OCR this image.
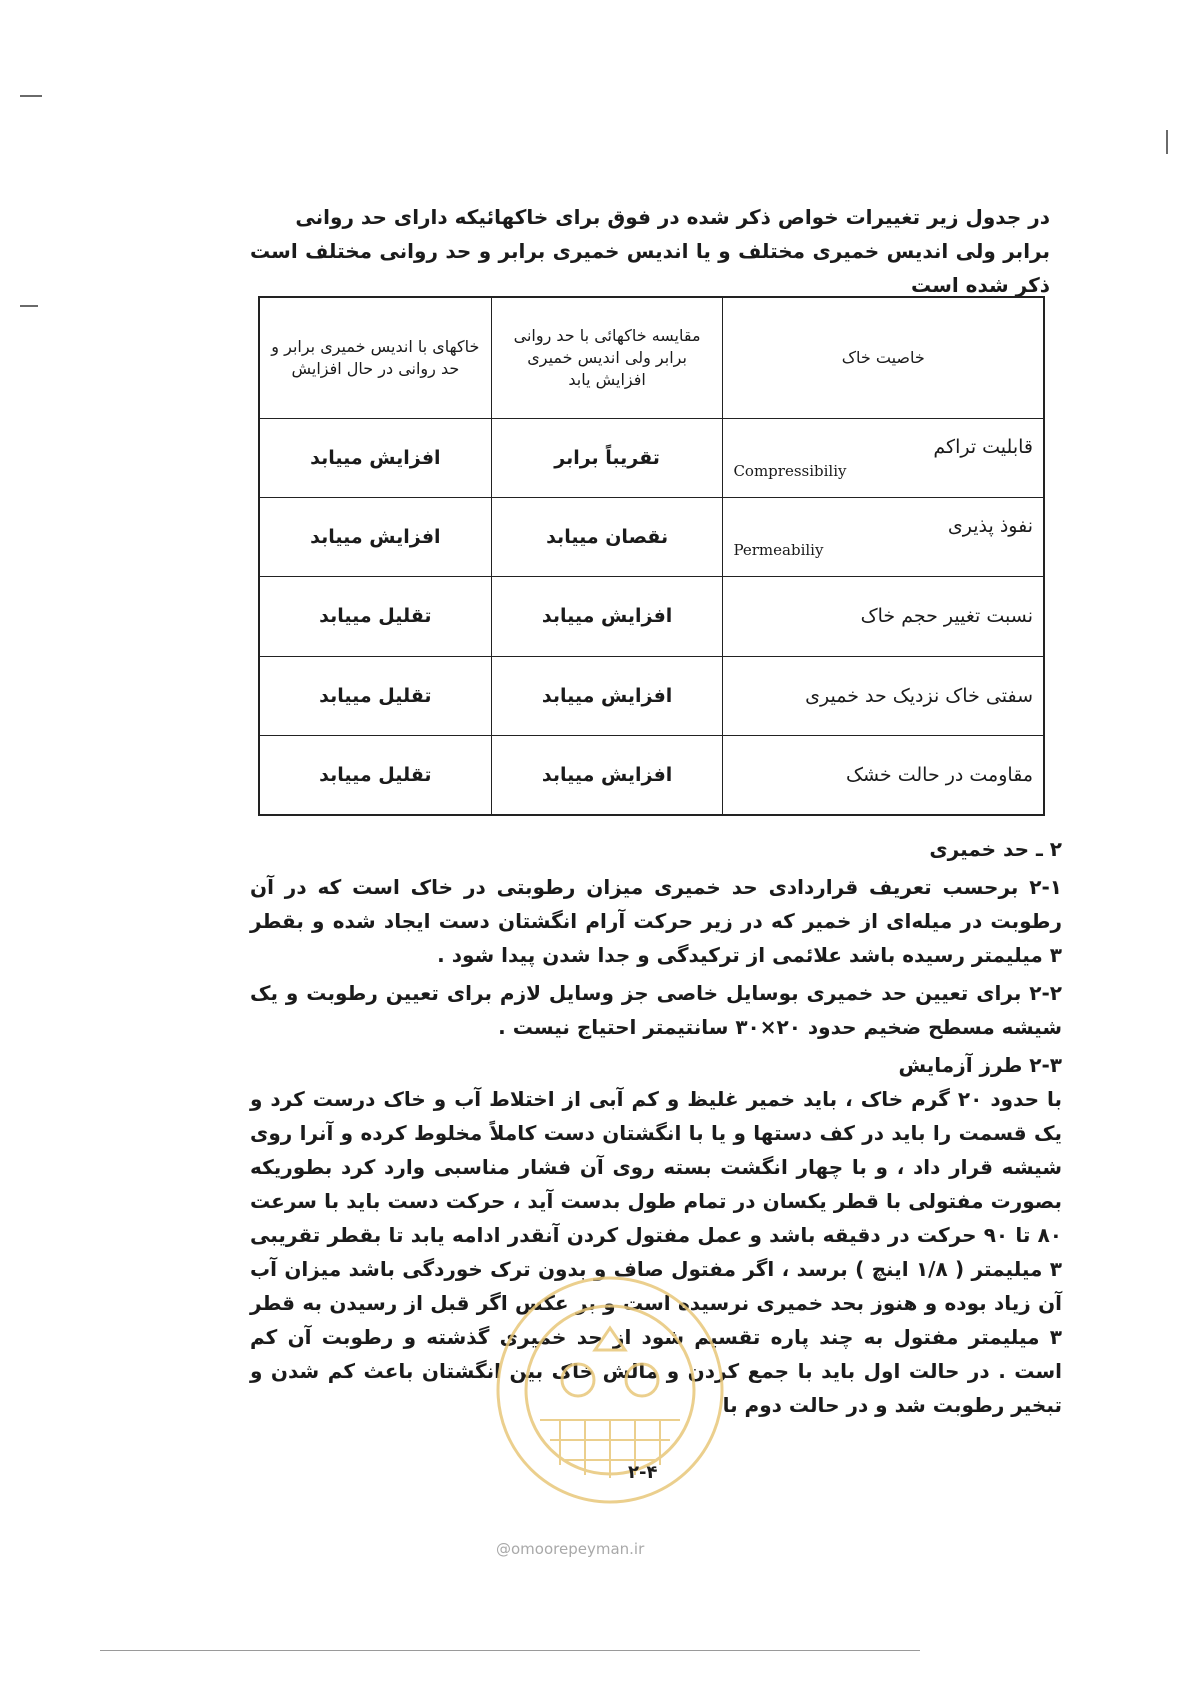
در جدول زیر تغییرات خواص ذکر شده در فوق برای خاکهائیکه دارای حد روانی
برابر ولی اندیس خمیری مختلف و یا اندیس خمیری برابر و حد روانی مختلف است ذکر شده است
خاصیت خاک	مقایسه خاکهائی با حد روانی برابر ولی اندیس خمیری افزایش یابد	خاکهای با اندیس خمیری برابر و حد روانی در حال افزایش

قابلیت تراکم
Compressibiliy	تقریباً برابر	افزایش مییابد

نفوذ پذیری
Permeabiliy	نقصان مییابد	افزایش مییابد

نسبت تغییر حجم خاک	افزایش مییابد	تقلیل مییابد

سفتی خاک نزدیک حد خمیری	افزایش مییابد	تقلیل مییابد

مقاومت در حالت خشک	افزایش مییابد	تقلیل مییابد
۲ ـ حد خمیری

۲-۱ برحسب تعریف قراردادی حد خمیری میزان رطوبتی در خاک است که در آن رطوبت در میله‌ای از خمیر که در زیر حرکت آرام انگشتان دست ایجاد شده و بقطر ۳ میلیمتر رسیده باشد علائمی از ترکیدگی و جدا شدن پیدا شود .

۲-۲ برای تعیین حد خمیری بوسایل خاصی جز وسایل لازم برای تعیین رطوبت و یک شیشه مسطح ضخیم حدود ۲۰×۳۰ سانتیمتر احتیاج نیست .

۲-۳ طرز آزمایش

با حدود ۲۰ گرم خاک ، باید خمیر غلیظ و کم آبی از اختلاط آب و خاک درست کرد و یک قسمت را باید در کف دستها و یا با انگشتان دست کاملاً مخلوط کرده و آنرا روی شیشه قرار داد ، و با چهار انگشت بسته روی آن فشار مناسبی وارد کرد بطوریکه بصورت مفتولی با قطر یکسان در تمام طول بدست آید ، حرکت دست باید با سرعت ۸۰ تا ۹۰ حرکت در دقیقه باشد و عمل مفتول کردن آنقدر ادامه یابد تا بقطر تقریبی ۳ میلیمتر ( ۱/۸ اینچ ) برسد ، اگر مفتول صاف و بدون ترک خوردگی باشد میزان آب آن زیاد بوده و هنوز بحد خمیری نرسیده است و بر عکس اگر قبل از رسیدن به قطر ۳ میلیمتر مفتول به چند پاره تقسیم شود از حد خمیری گذشته و رطوبت آن کم است . در حالت اول باید با جمع کردن و مالش خاک بین انگشتان باعث کم شدن و تبخیر رطوبت شد و در حالت دوم با

@omoorepeyman.ir
۲-۴
